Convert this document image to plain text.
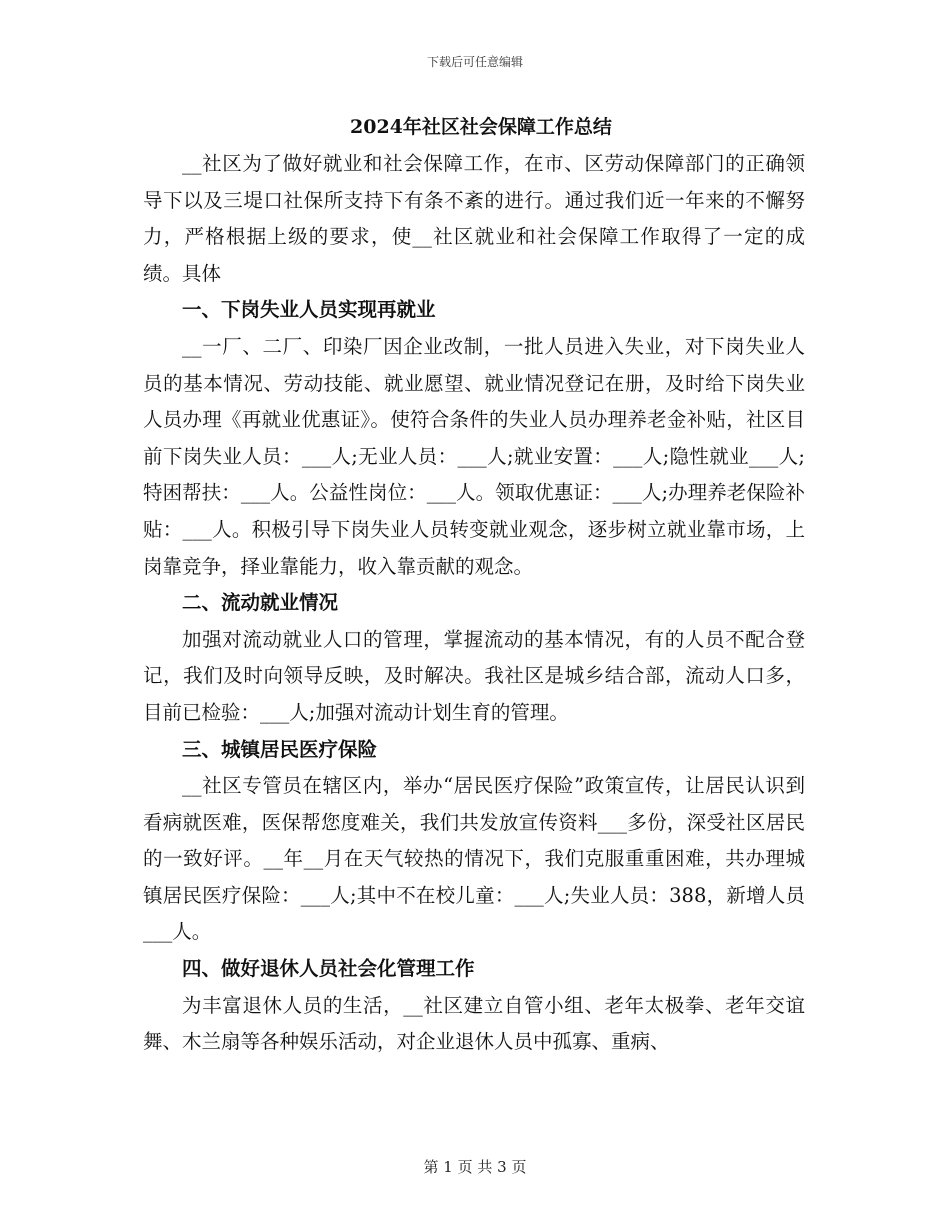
下载后可任意编辑
2024年社区社会保障工作总结

__社区为了做好就业和社会保障工作，在市、区劳动保障部门的正确领导下以及三堤口社保所支持下有条不紊的进行。通过我们近一年来的不懈努力，严格根据上级的要求，使__社区就业和社会保障工作取得了一定的成绩。具体

一、下岗失业人员实现再就业

__一厂、二厂、印染厂因企业改制，一批人员进入失业，对下岗失业人员的基本情况、劳动技能、就业愿望、就业情况登记在册，及时给下岗失业人员办理《再就业优惠证》。使符合条件的失业人员办理养老金补贴，社区目前下岗失业人员：___人;无业人员：___人;就业安置：___人;隐性就业___人;特困帮扶：___人。公益性岗位：___人。领取优惠证：___人;办理养老保险补贴：___人。积极引导下岗失业人员转变就业观念，逐步树立就业靠市场，上岗靠竞争，择业靠能力，收入靠贡献的观念。

二、流动就业情况

加强对流动就业人口的管理，掌握流动的基本情况，有的人员不配合登记，我们及时向领导反映，及时解决。我社区是城乡结合部，流动人口多，目前已检验：___人;加强对流动计划生育的管理。

三、城镇居民医疗保险

__社区专管员在辖区内，举办“居民医疗保险”政策宣传，让居民认识到看病就医难，医保帮您度难关，我们共发放宣传资料___多份，深受社区居民的一致好评。__年__月在天气较热的情况下，我们克服重重困难，共办理城镇居民医疗保险：___人;其中不在校儿童：___人;失业人员：388，新增人员___人。

四、做好退休人员社会化管理工作

为丰富退休人员的生活，__社区建立自管小组、老年太极拳、老年交谊舞、木兰扇等各种娱乐活动，对企业退休人员中孤寡、重病、

第 1 页 共 3 页
